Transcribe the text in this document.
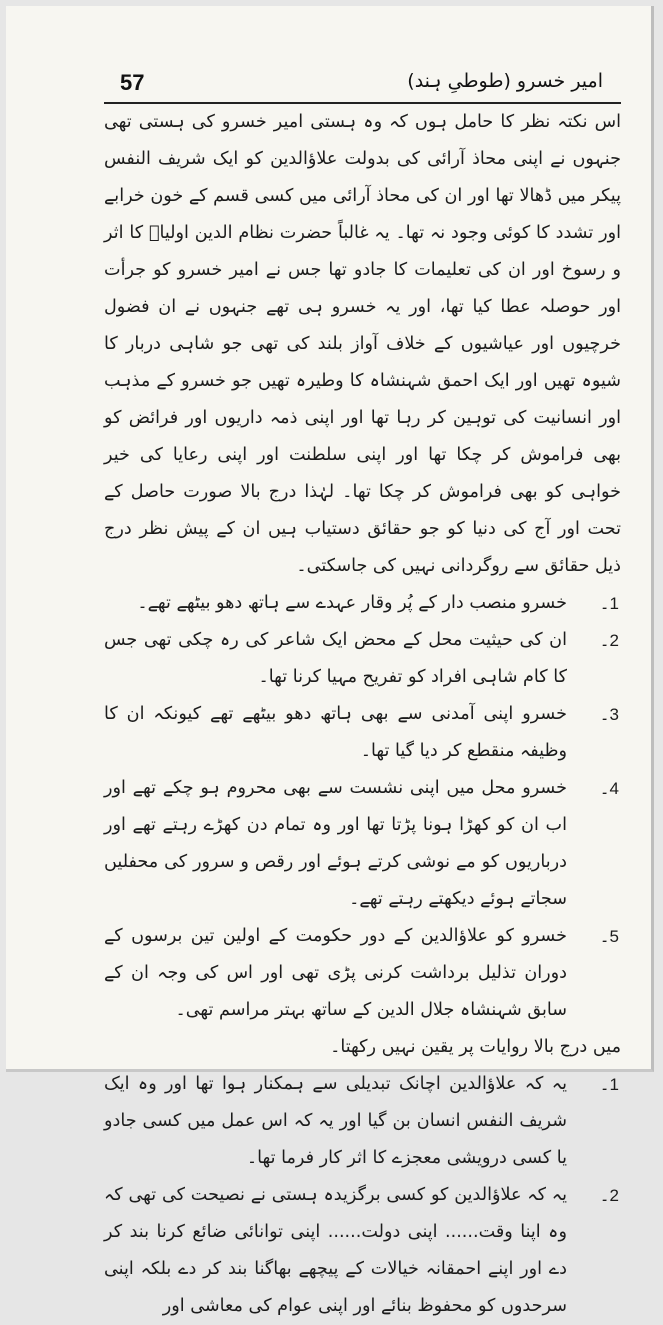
57	امیر خسرو (طوطیِ ہند)

اس نکتہ نظر کا حامل ہوں کہ وہ ہستی امیر خسرو کی ہستی تھی جنہوں نے اپنی محاذ آرائی کی بدولت علاؤالدین کو ایک شریف النفس پیکر میں ڈھالا تھا اور ان کی محاذ آرائی میں کسی قسم کے خون خرابے اور تشدد کا کوئی وجود نہ تھا۔ یہ غالباً حضرت نظام الدین اولیاؒ کا اثر و رسوخ اور ان کی تعلیمات کا جادو تھا جس نے امیر خسرو کو جرأت اور حوصلہ عطا کیا تھا، اور یہ خسرو ہی تھے جنہوں نے ان فضول خرچیوں اور عیاشیوں کے خلاف آواز بلند کی تھی جو شاہی دربار کا شیوہ تھیں اور ایک احمق شہنشاہ کا وطیرہ تھیں جو خسرو کے مذہب اور انسانیت کی توہین کر رہا تھا اور اپنی ذمہ داریوں اور فرائض کو بھی فراموش کر چکا تھا اور اپنی سلطنت اور اپنی رعایا کی خیر خواہی کو بھی فراموش کر چکا تھا۔ لہٰذا درج بالا صورت حاصل کے تحت اور آج کی دنیا کو جو حقائق دستیاب ہیں ان کے پیش نظر درج ذیل حقائق سے روگردانی نہیں کی جاسکتی۔

1۔
خسرو منصب دار کے پُر وقار عہدے سے ہاتھ دھو بیٹھے تھے۔
2۔
ان کی حیثیت محل کے محض ایک شاعر کی رہ چکی تھی جس کا کام شاہی افراد کو تفریح مہیا کرنا تھا۔
3۔
خسرو اپنی آمدنی سے بھی ہاتھ دھو بیٹھے تھے کیونکہ ان کا وظیفہ منقطع کر دیا گیا تھا۔
4۔
خسرو محل میں اپنی نشست سے بھی محروم ہو چکے تھے اور اب ان کو کھڑا ہونا پڑتا تھا اور وہ تمام دن کھڑے رہتے تھے اور درباریوں کو مے نوشی کرتے ہوئے اور رقص و سرور کی محفلیں سجاتے ہوئے دیکھتے رہتے تھے۔
5۔
خسرو کو علاؤالدین کے دور حکومت کے اولین تین برسوں کے دوران تذلیل برداشت کرنی پڑی تھی اور اس کی وجہ ان کے سابق شہنشاہ جلال الدین کے ساتھ بہتر مراسم تھی۔

میں درج بالا روایات پر یقین نہیں رکھتا۔

1۔
یہ کہ علاؤالدین اچانک تبدیلی سے ہمکنار ہوا تھا اور وہ ایک شریف النفس انسان بن گیا اور یہ کہ اس عمل میں کسی جادو یا کسی درویشی معجزے کا اثر کار فرما تھا۔
2۔
یہ کہ علاؤالدین کو کسی برگزیدہ ہستی نے نصیحت کی تھی کہ وہ اپنا وقت...... اپنی دولت...... اپنی توانائی ضائع کرنا بند کر دے اور اپنے احمقانہ خیالات کے پیچھے بھاگنا بند کر دے بلکہ اپنی سرحدوں کو محفوظ بنائے اور اپنی عوام کی معاشی اور
